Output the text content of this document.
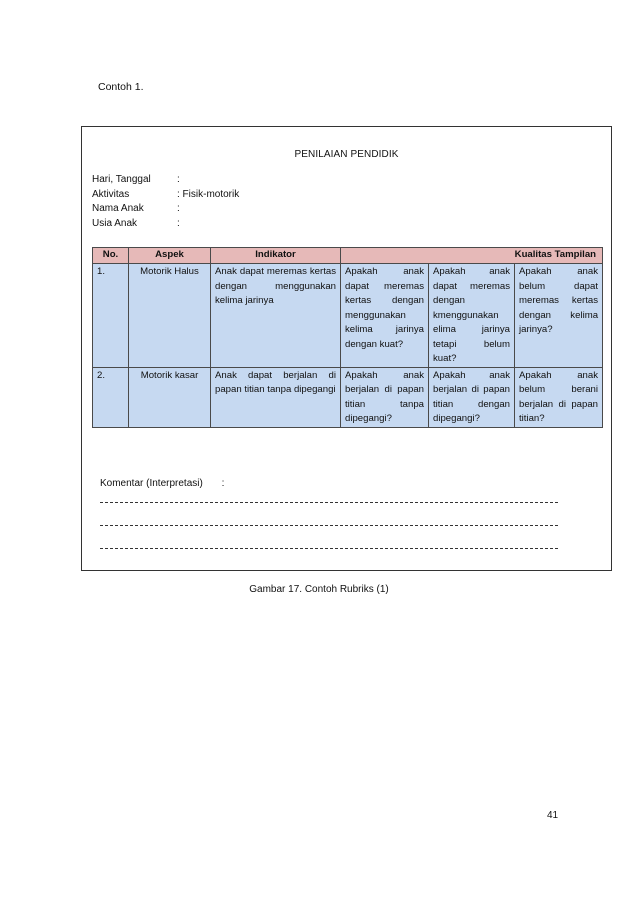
Contoh 1.
PENILAIAN PENDIDIK
Hari, Tanggal	:
Aktivitas	: Fisik-motorik
Nama Anak	:
Usia Anak	:
No.	Aspek	Indikator	Kualitas Tampilan		
1.	Motorik Halus	Anak dapat meremas kertas dengan menggunakan kelima jarinya	Apakah anak dapat meremas kertas dengan menggunakan kelima jarinya dengan kuat?	Apakah anak dapat meremas dengan kmenggunakan elima jarinya tetapi belum kuat?	Apakah anak belum dapat meremas kertas dengan kelima jarinya?
2.	Motorik kasar	Anak dapat berjalan di papan titian tanpa dipegangi	Apakah anak berjalan di papan titian tanpa dipegangi?	Apakah anak berjalan di papan titian dengan dipegangi?	Apakah anak belum berani berjalan di papan titian?
Komentar (Interpretasi) :
Gambar 17. Contoh Rubriks (1)
41
